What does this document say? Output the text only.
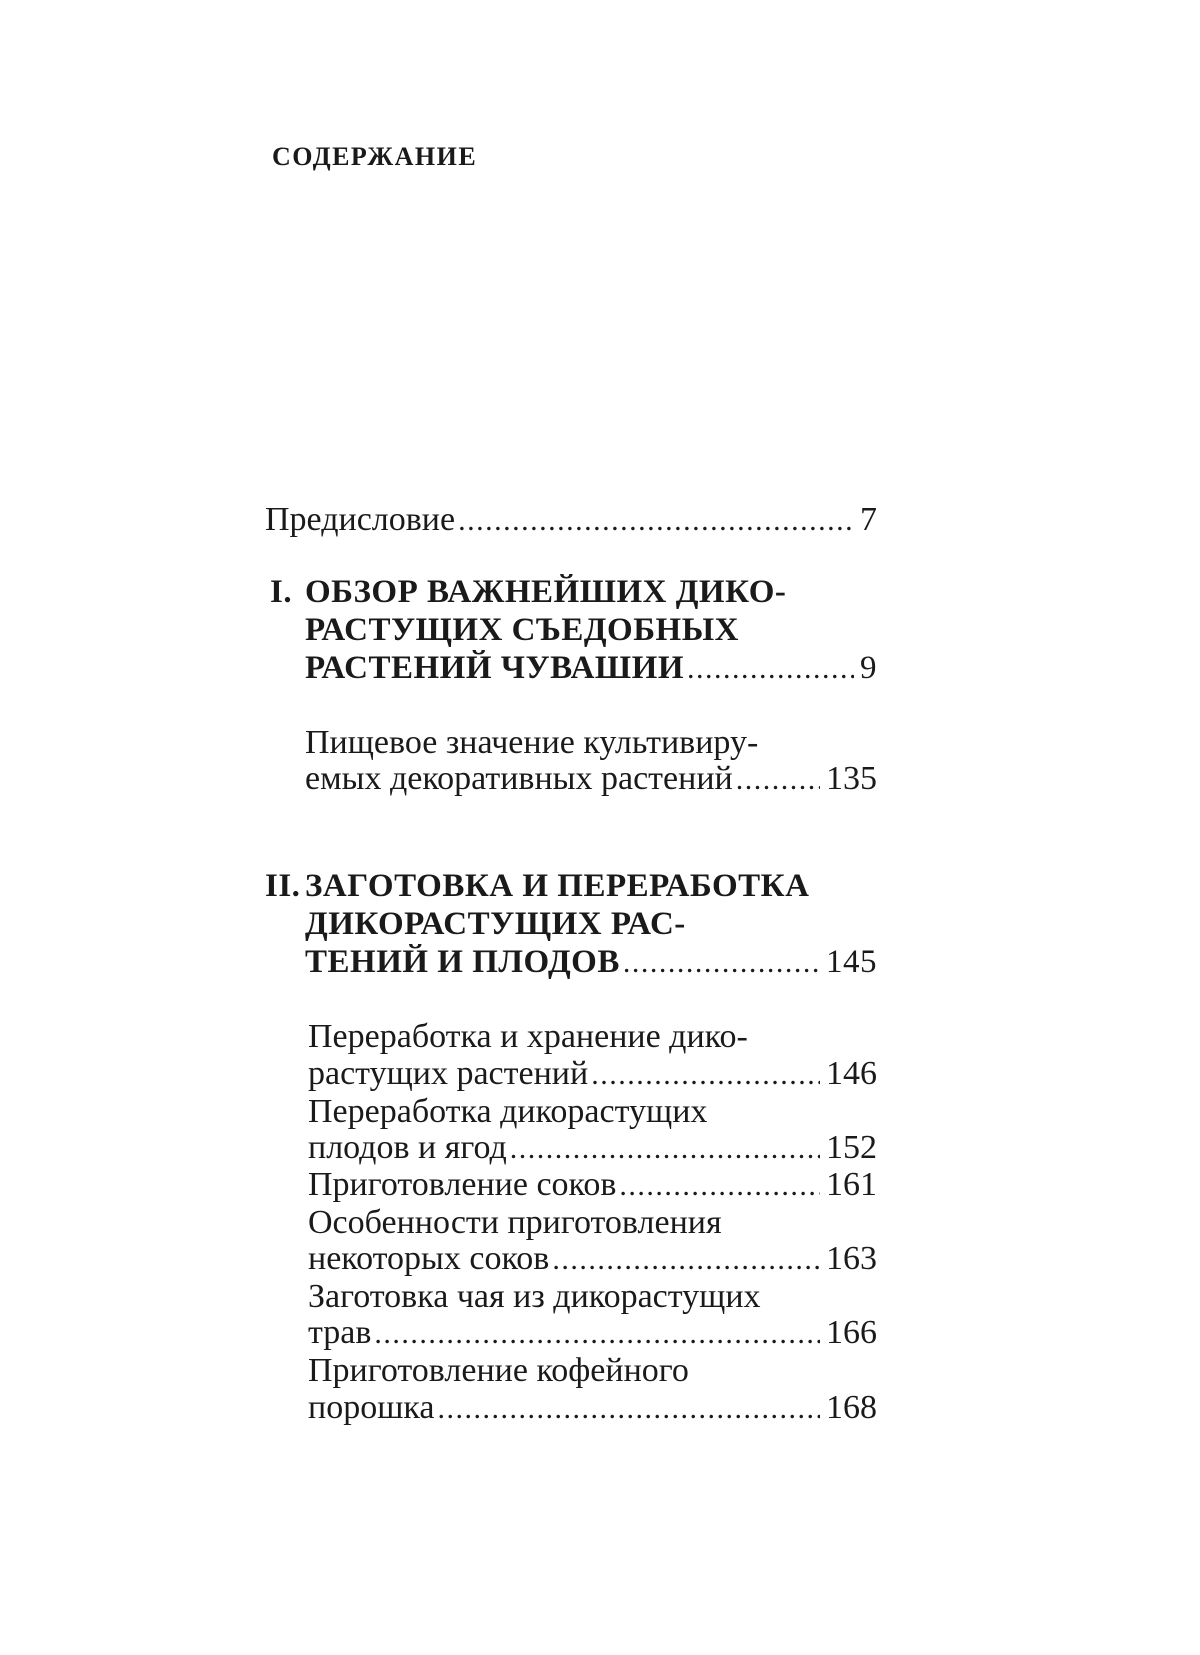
СОДЕРЖАНИЕ
Предисловие .....	7
I. ОБЗОР ВАЖНЕЙШИХ ДИКО-
РАСТУЩИХ СЪЕДОБНЫХ
РАСТЕНИЙ ЧУВАШИИ .....	9
Пищевое значение культивиру-
емых декоративных растений .....	135
II. ЗАГОТОВКА И ПЕРЕРАБОТКА
ДИКОРАСТУЩИХ РАС-
ТЕНИЙ И ПЛОДОВ .....	145
Переработка и хранение дико-
растущих растений .....	146
Переработка дикорастущих
плодов и ягод .....	152
Приготовление соков .....	161
Особенности приготовления
некоторых соков .....	163
Заготовка чая из дикорастущих
трав .....	166
Приготовление кофейного
порошка .....	168
